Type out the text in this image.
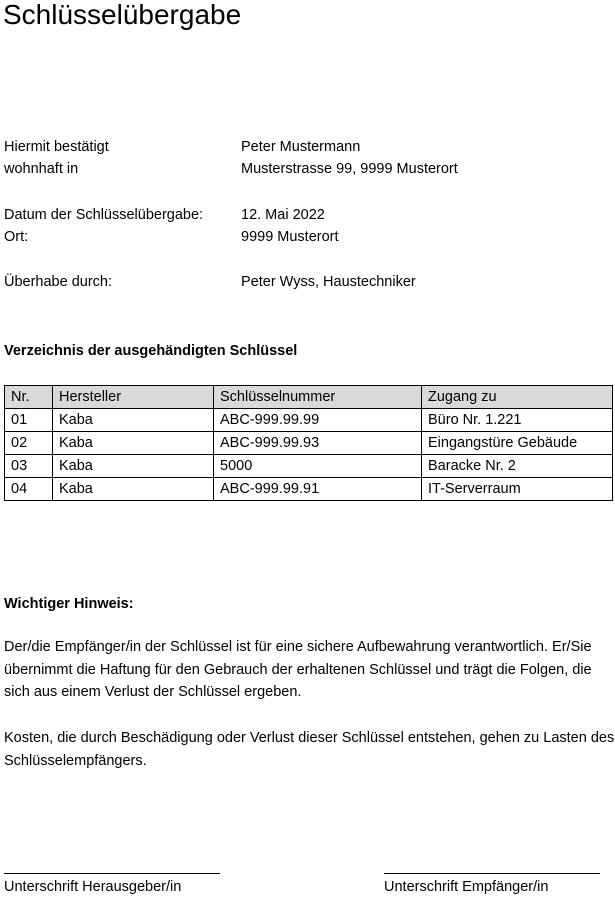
Schlüsselübergabe
Hiermit bestätigt	Peter Mustermann
wohnhaft in	Musterstrasse 99, 9999 Musterort
Datum der Schlüsselübergabe:	12. Mai 2022
Ort:	9999 Musterort
Überhabe durch:	Peter Wyss, Haustechniker
Verzeichnis der ausgehändigten Schlüssel
Nr.	Hersteller	Schlüsselnummer	Zugang zu
01	Kaba	ABC-999.99.99	Büro Nr. 1.221
02	Kaba	ABC-999.99.93	Eingangstüre Gebäude
03	Kaba	5000	Baracke Nr. 2
04	Kaba	ABC-999.99.91	IT-Serverraum
Wichtiger Hinweis:
Der/die Empfänger/in der Schlüssel ist für eine sichere Aufbewahrung verantwortlich. Er/Sie übernimmt die Haftung für den Gebrauch der erhaltenen Schlüssel und trägt die Folgen, die sich aus einem Verlust der Schlüssel ergeben.
Kosten, die durch Beschädigung oder Verlust dieser Schlüssel entstehen, gehen zu Lasten des Schlüsselempfängers.
Unterschrift Herausgeber/in	Unterschrift Empfänger/in
